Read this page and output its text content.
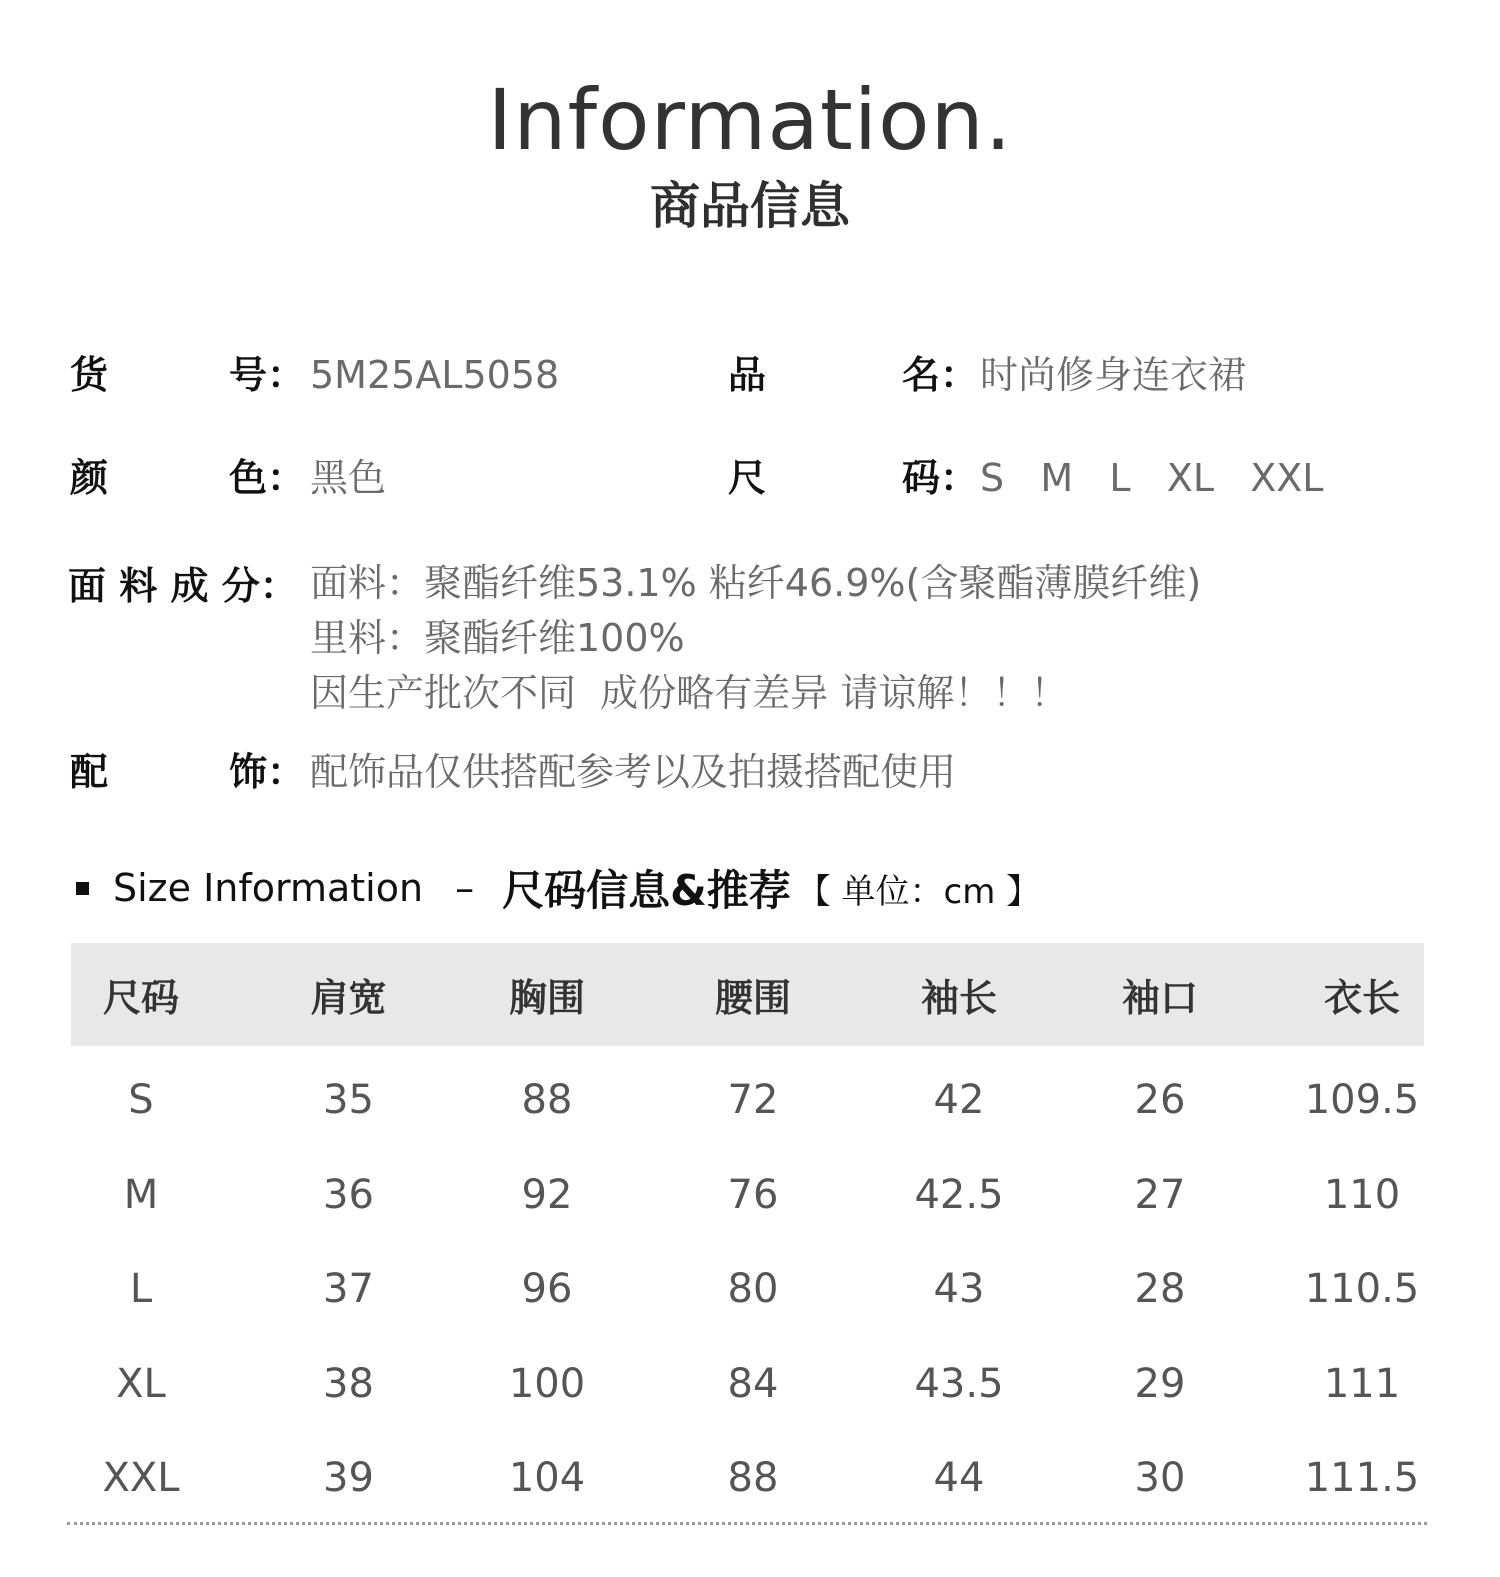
Information.
商品信息
货	号： 5M25AL5058	品	名： 时尚修身连衣裙
颜	色： 黑色	尺	码： S   M   L   XL   XXL
面 料 成 分： 面料：聚酯纤维53.1% 粘纤46.9%(含聚酯薄膜纤维)
里料：聚酯纤维100%
因生产批次不同  成份略有差异 请谅解！！！
配	饰： 配饰品仅供搭配参考以及拍摄搭配使用
Size Information – 尺码信息&推荐 【 单位：cm 】
尺码	肩宽	胸围	腰围	袖长	袖口	衣长
S	35	88	72	42	26	109.5
M	36	92	76	42.5	27	110
L	37	96	80	43	28	110.5
XL	38	100	84	43.5	29	111
XXL	39	104	88	44	30	111.5
